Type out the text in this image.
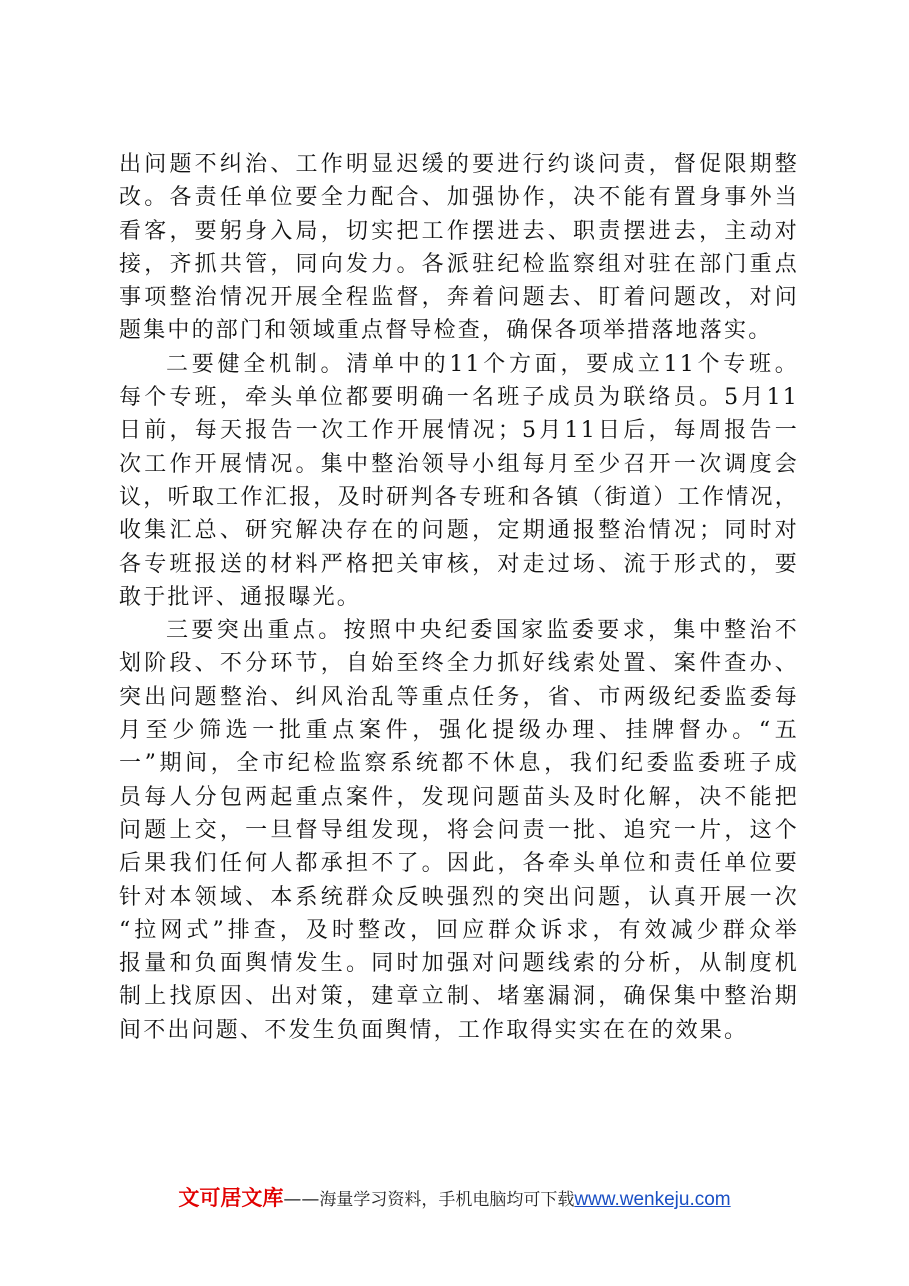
出问题不纠治、工作明显迟缓的要进行约谈问责，督促限期整
改。各责任单位要全力配合、加强协作，决不能有置身事外当
看客，要躬身入局，切实把工作摆进去、职责摆进去，主动对
接，齐抓共管，同向发力。各派驻纪检监察组对驻在部门重点
事项整治情况开展全程监督，奔着问题去、盯着问题改，对问
题集中的部门和领域重点督导检查，确保各项举措落地落实。
二要健全机制。清单中的11个方面，要成立11个专班。
每个专班，牵头单位都要明确一名班子成员为联络员。5月11
日前，每天报告一次工作开展情况；5月11日后，每周报告一
次工作开展情况。集中整治领导小组每月至少召开一次调度会
议，听取工作汇报，及时研判各专班和各镇（街道）工作情况，
收集汇总、研究解决存在的问题，定期通报整治情况；同时对
各专班报送的材料严格把关审核，对走过场、流于形式的，要
敢于批评、通报曝光。
三要突出重点。按照中央纪委国家监委要求，集中整治不
划阶段、不分环节，自始至终全力抓好线索处置、案件查办、
突出问题整治、纠风治乱等重点任务，省、市两级纪委监委每
月至少筛选一批重点案件，强化提级办理、挂牌督办。“五
一”期间，全市纪检监察系统都不休息，我们纪委监委班子成
员每人分包两起重点案件，发现问题苗头及时化解，决不能把
问题上交，一旦督导组发现，将会问责一批、追究一片，这个
后果我们任何人都承担不了。因此，各牵头单位和责任单位要
针对本领域、本系统群众反映强烈的突出问题，认真开展一次
“拉网式”排查，及时整改，回应群众诉求，有效减少群众举
报量和负面舆情发生。同时加强对问题线索的分析，从制度机
制上找原因、出对策，建章立制、堵塞漏洞，确保集中整治期
间不出问题、不发生负面舆情，工作取得实实在在的效果。
文可居文库——海量学习资料，手机电脑均可下载www.wenkeju.com
